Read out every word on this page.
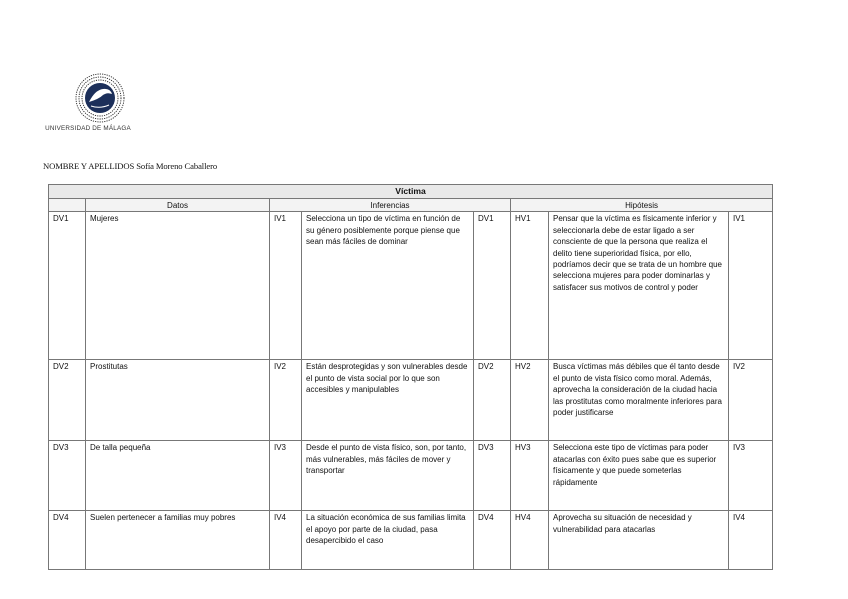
UNIVERSIDAD DE MÁLAGA
NOMBRE Y APELLIDOS Sofía Moreno Caballero
Víctima							
	Datos	Inferencias			Hipótesis		
DV1	Mujeres	IV1	Selecciona un tipo de víctima en función de su género posiblemente porque piense que sean más fáciles de dominar	DV1	HV1	Pensar que la víctima es físicamente inferior y seleccionarla debe de estar ligado a ser consciente de que la persona que realiza el delito tiene superioridad física, por ello, podríamos decir que se trata de un hombre que selecciona mujeres para poder dominarlas y satisfacer sus motivos de control y poder	IV1
DV2	Prostitutas	IV2	Están desprotegidas y son vulnerables desde el punto de vista social por lo que son accesibles y manipulables	DV2	HV2	Busca víctimas más débiles que él tanto desde el punto de vista físico como moral. Además, aprovecha la consideración de la ciudad hacia las prostitutas como moralmente inferiores para poder justificarse	IV2
DV3	De talla pequeña	IV3	Desde el punto de vista físico, son, por tanto, más vulnerables, más fáciles de mover y transportar	DV3	HV3	Selecciona este tipo de víctimas para poder atacarlas con éxito pues sabe que es superior físicamente y que puede someterlas rápidamente	IV3
DV4	Suelen pertenecer a familias muy pobres	IV4	La situación económica de sus familias limita el apoyo por parte de la ciudad, pasa desapercibido el caso	DV4	HV4	Aprovecha su situación de necesidad y vulnerabilidad para atacarlas	IV4
